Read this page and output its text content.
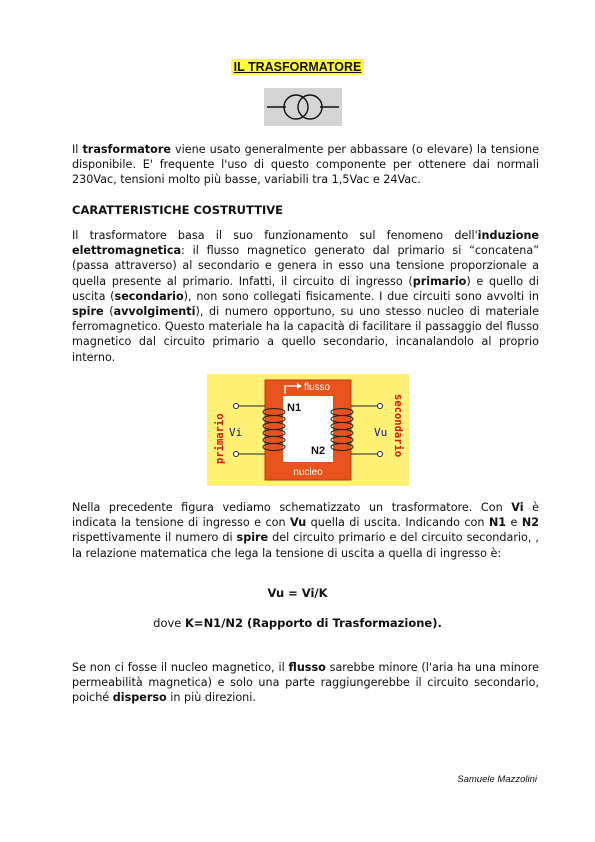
IL TRASFORMATORE

Il trasformatore viene usato generalmente per abbassare (o elevare) la tensione disponibile. E' frequente l'uso di questo componente per ottenere dai normali 230Vac, tensioni molto più basse, variabili tra 1,5Vac e 24Vac.

CARATTERISTICHE COSTRUTTIVE

Il trasformatore basa il suo funzionamento sul fenomeno dell'induzione elettromagnetica: il flusso magnetico generato dal primario si “concatena” (passa attraverso) al secondario e genera in esso una tensione proporzionale a quella presente al primario. Infatti, il circuito di ingresso (primario) e quello di uscita (secondario), non sono collegati fisicamente. I due circuiti sono avvolti in spire (avvolgimenti), di numero opportuno, su uno stesso nucleo di materiale ferromagnetico. Questo materiale ha la capacità di facilitare il passaggio del flusso magnetico dal circuito primario a quello secondario, incanalandolo al proprio interno.

flusso
N1
N2
nucleo
Vi	Vu
primario	secondario

Nella precedente figura vediamo schematizzato un trasformatore. Con Vi è indicata la tensione di ingresso e con Vu quella di uscita. Indicando con N1 e N2 rispettivamente il numero di spire del circuito primario e del circuito secondario, , la relazione matematica che lega la tensione di uscita a quella di ingresso è:

Vu = Vi/K
dove K=N1/N2 (Rapporto di Trasformazione).

Se non ci fosse il nucleo magnetico, il flusso sarebbe minore (l'aria ha una minore permeabilità magnetica) e solo una parte raggiungerebbe il circuito secondario, poiché disperso in più direzioni.

Samuele Mazzolini
